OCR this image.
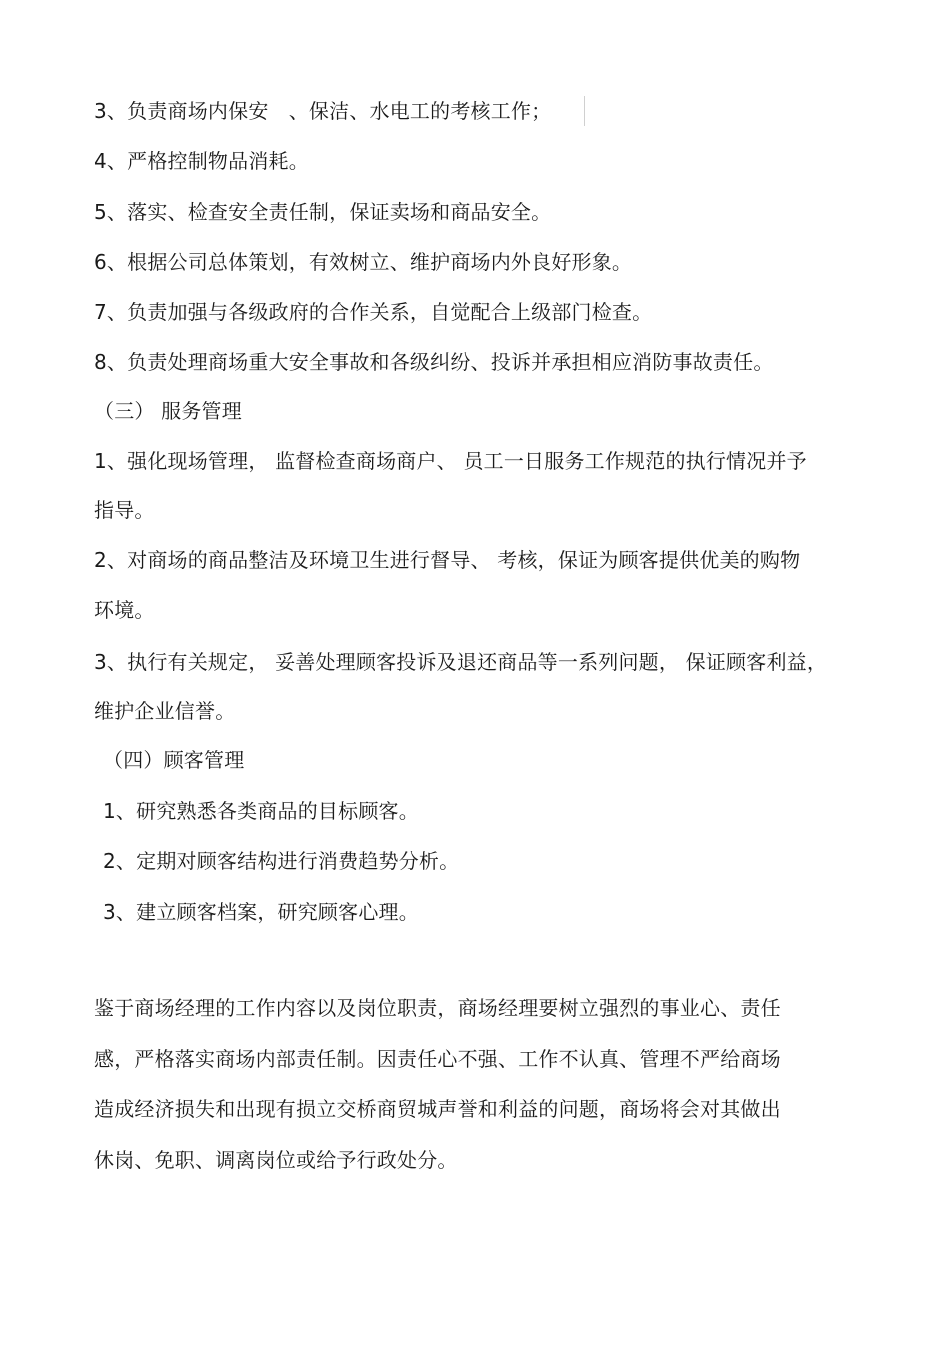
3、负责商场内保安　、保洁、水电工的考核工作；
4、严格控制物品消耗。
5、落实、检查安全责任制，保证卖场和商品安全。
6、根据公司总体策划，有效树立、维护商场内外良好形象。
7、负责加强与各级政府的合作关系，自觉配合上级部门检查。
8、负责处理商场重大安全事故和各级纠纷、投诉并承担相应消防事故责任。
（三） 服务管理
1、强化现场管理， 监督检查商场商户、 员工一日服务工作规范的执行情况并予
指导。
2、对商场的商品整洁及环境卫生进行督导、 考核，保证为顾客提供优美的购物
环境。
3、执行有关规定， 妥善处理顾客投诉及退还商品等一系列问题， 保证顾客利益，
维护企业信誉。
（四）顾客管理
1、研究熟悉各类商品的目标顾客。
2、定期对顾客结构进行消费趋势分析。
3、建立顾客档案，研究顾客心理。
鉴于商场经理的工作内容以及岗位职责，商场经理要树立强烈的事业心、责任
感，严格落实商场内部责任制。因责任心不强、工作不认真、管理不严给商场
造成经济损失和出现有损立交桥商贸城声誉和利益的问题，商场将会对其做出
休岗、免职、调离岗位或给予行政处分。
